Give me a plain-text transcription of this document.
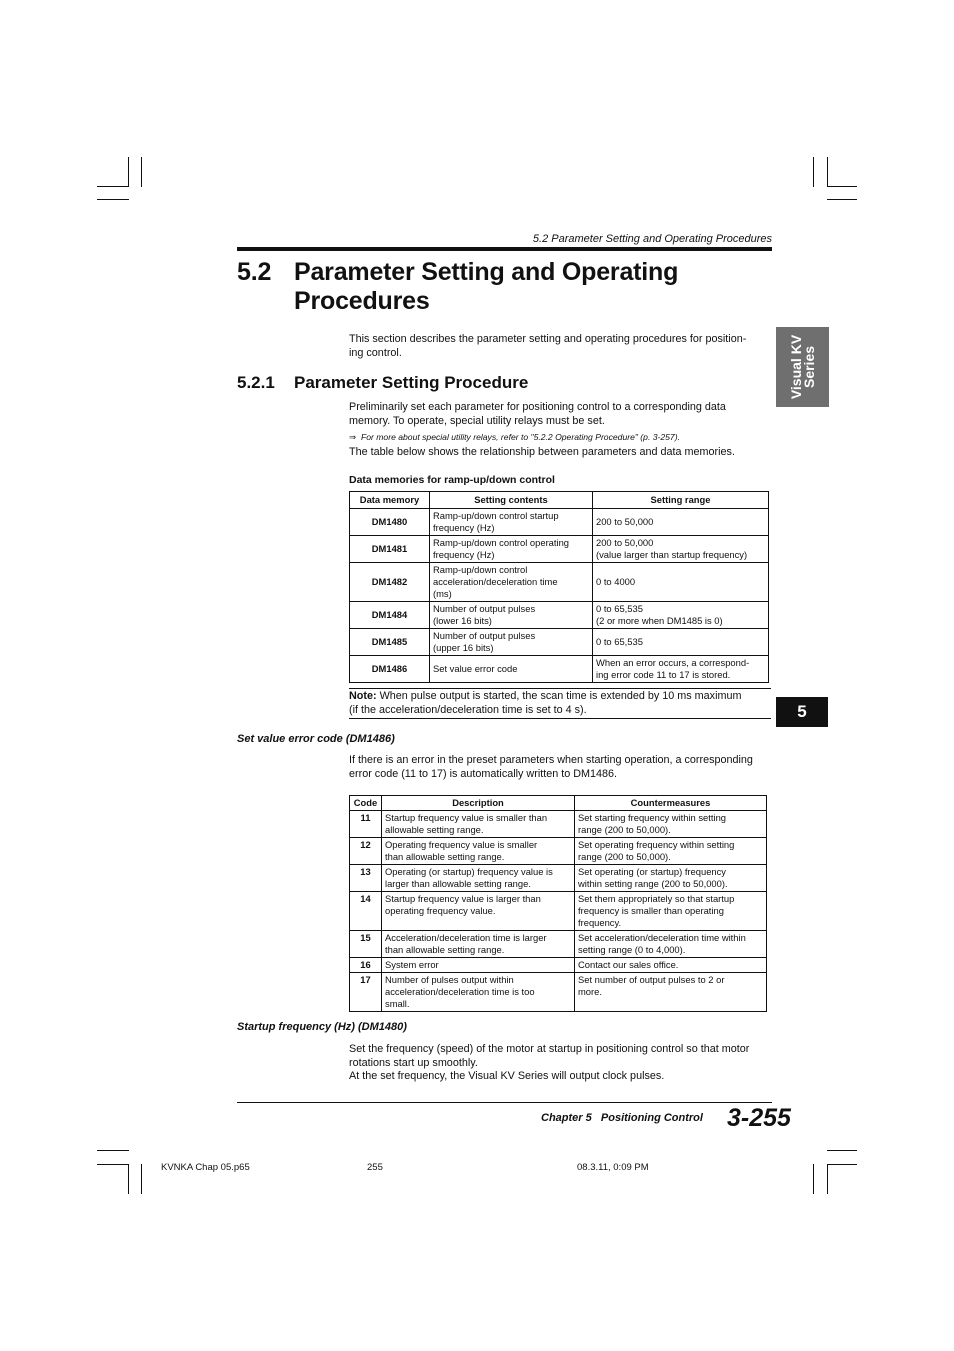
5.2 Parameter Setting and Operating Procedures
5.2 Parameter Setting and Operating
Procedures
This section describes the parameter setting and operating procedures for position-
ing control.	Visual KV
Series
5.2.1 Parameter Setting Procedure
Preliminarily set each parameter for positioning control to a corresponding data
memory. To operate, special utility relays must be set.
⇒ For more about special utility relays, refer to "5.2.2 Operating Procedure" (p. 3-257).
The table below shows the relationship between parameters and data memories.
Data memories for ramp-up/down control
Data memory	Setting contents	Setting range
DM1480	Ramp-up/down control startup
frequency (Hz)	200 to 50,000
DM1481	Ramp-up/down control operating
frequency (Hz)	200 to 50,000
(value larger than startup frequency)
DM1482	Ramp-up/down control
acceleration/deceleration time
(ms)	0 to 4000
DM1484	Number of output pulses
(lower 16 bits)	0 to 65,535
(2 or more when DM1485 is 0)
DM1485	Number of output pulses
(upper 16 bits)	0 to 65,535
DM1486	Set value error code	When an error occurs, a correspond-
ing error code 11 to 17 is stored.
Note: When pulse output is started, the scan time is extended by 10 ms maximum
(if the acceleration/deceleration time is set to 4 s).	5
Set value error code (DM1486)
If there is an error in the preset parameters when starting operation, a corresponding
error code (11 to 17) is automatically written to DM1486.
Code	Description	Countermeasures
11	Startup frequency value is smaller than
allowable setting range.	Set starting frequency within setting
range (200 to 50,000).
12	Operating frequency value is smaller
than allowable setting range.	Set operating frequency within setting
range (200 to 50,000).
13	Operating (or startup) frequency value is
larger than allowable setting range.	Set operating (or startup) frequency
within setting range (200 to 50,000).
14	Startup frequency value is larger than
operating frequency value.	Set them appropriately so that startup
frequency is smaller than operating
frequency.
15	Acceleration/deceleration time is larger
than allowable setting range.	Set acceleration/deceleration time within
setting range (0 to 4,000).
16	System error	Contact our sales office.
17	Number of pulses output within
acceleration/deceleration time is too
small.	Set number of output pulses to 2 or
more.
Startup frequency (Hz) (DM1480)
Set the frequency (speed) of the motor at startup in positioning control so that motor
rotations start up smoothly.
At the set frequency, the Visual KV Series will output clock pulses.
Chapter 5   Positioning Control 3-255
KVNKA Chap 05.p65	255	08.3.11, 0:09 PM
